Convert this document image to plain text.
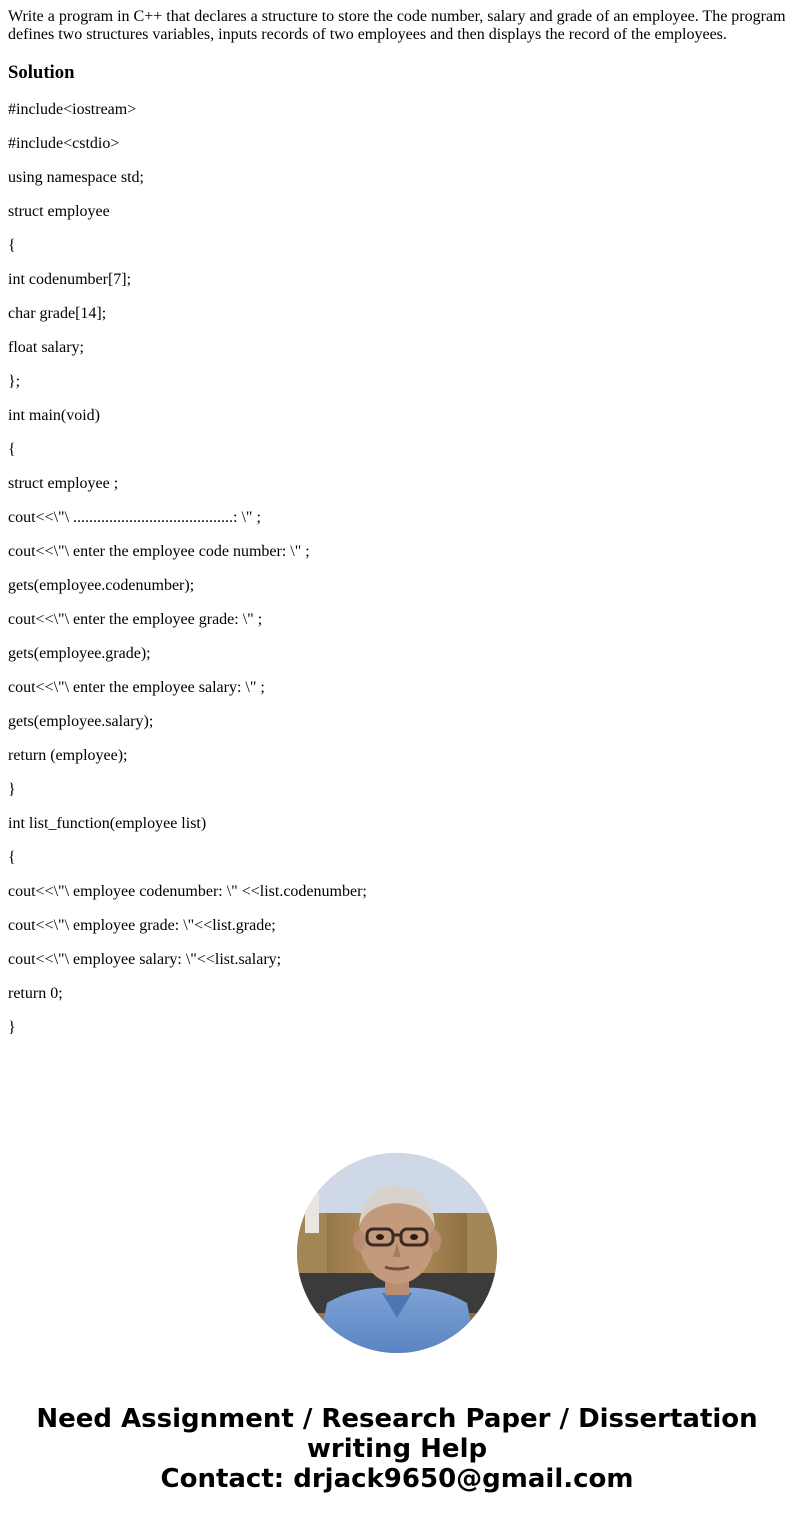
Write a program in C++ that declares a structure to store the code number, salary and grade of an employee. The program defines two structures variables, inputs records of two employees and then displays the record of the employees.

Solution
#include<iostream>
#include<cstdio>
using namespace std;
struct employee
{
int codenumber[7];
char grade[14];
float salary;
};
int main(void)
{
struct employee ;
cout<<\"\ ........................................: \" ;
cout<<\"\ enter the employee code number: \" ;
gets(employee.codenumber);
cout<<\"\ enter the employee grade: \" ;
gets(employee.grade);
cout<<\"\ enter the employee salary: \" ;
gets(employee.salary);
return (employee);
}
int list_function(employee list)
{
cout<<\"\ employee codenumber: \" <<list.codenumber;
cout<<\"\ employee grade: \"<<list.grade;
cout<<\"\ employee salary: \"<<list.salary;
return 0;
}
Need Assignment / Research Paper / Dissertation
writing Help
Contact: drjack9650@gmail.com
